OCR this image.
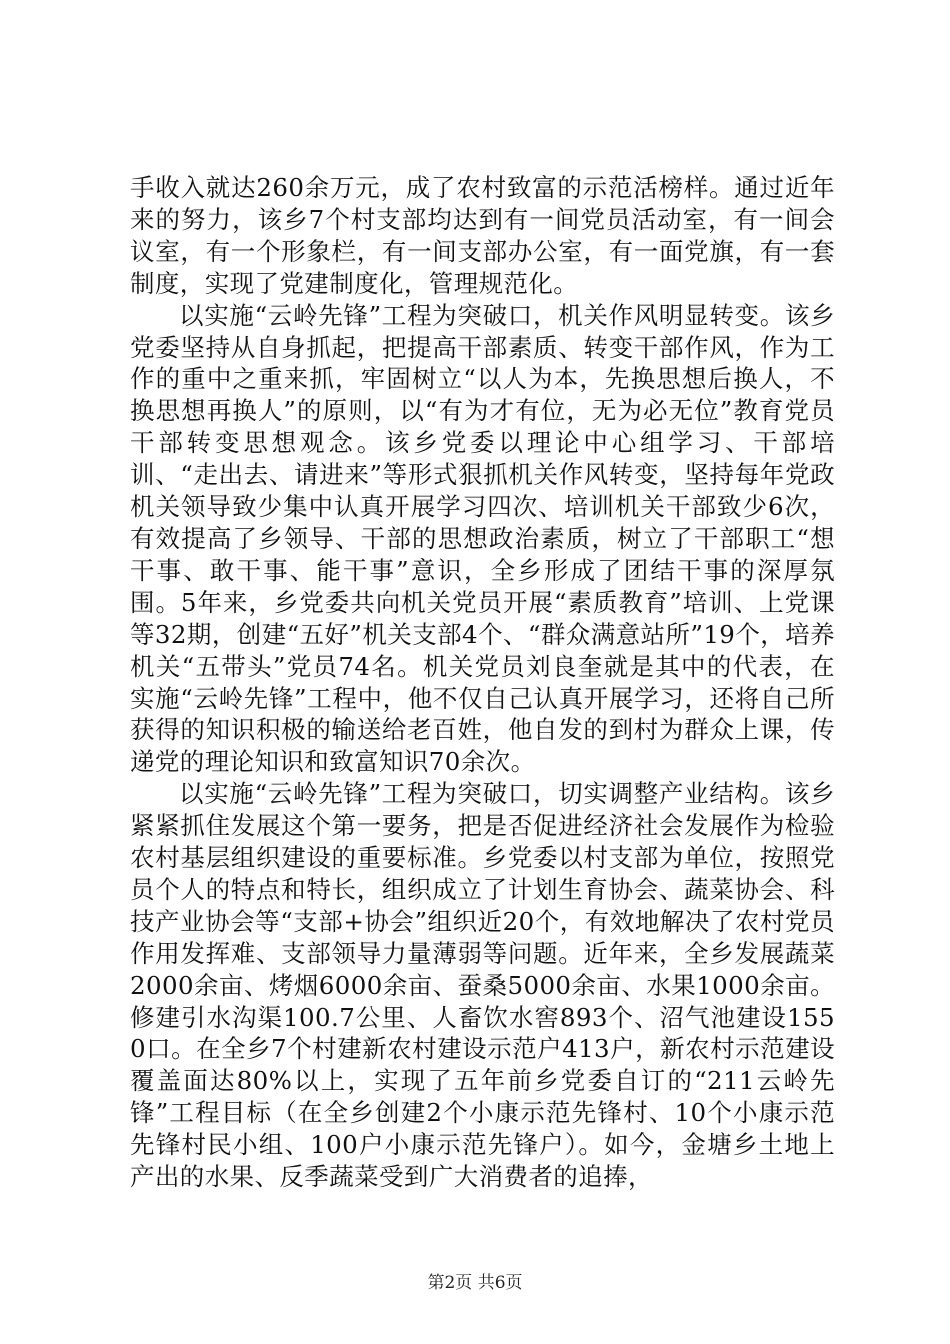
手收入就达260余万元，成了农村致富的示范活榜样。通过近年来的努力，该乡7个村支部均达到有一间党员活动室，有一间会议室，有一个形象栏，有一间支部办公室，有一面党旗，有一套制度，实现了党建制度化，管理规范化。

以实施“云岭先锋”工程为突破口，机关作风明显转变。该乡党委坚持从自身抓起，把提高干部素质、转变干部作风，作为工作的重中之重来抓，牢固树立“以人为本，先换思想后换人，不换思想再换人”的原则，以“有为才有位，无为必无位”教育党员干部转变思想观念。该乡党委以理论中心组学习、干部培训、“走出去、请进来”等形式狠抓机关作风转变，坚持每年党政机关领导致少集中认真开展学习四次、培训机关干部致少6次，有效提高了乡领导、干部的思想政治素质，树立了干部职工“想干事、敢干事、能干事”意识，全乡形成了团结干事的深厚氛围。5年来，乡党委共向机关党员开展“素质教育”培训、上党课等32期，创建“五好”机关支部4个、“群众满意站所”19个，培养机关“五带头”党员74名。机关党员刘良奎就是其中的代表，在实施“云岭先锋”工程中，他不仅自己认真开展学习，还将自己所获得的知识积极的输送给老百姓，他自发的到村为群众上课，传递党的理论知识和致富知识70余次。

以实施“云岭先锋”工程为突破口，切实调整产业结构。该乡紧紧抓住发展这个第一要务，把是否促进经济社会发展作为检验农村基层组织建设的重要标准。乡党委以村支部为单位，按照党员个人的特点和特长，组织成立了计划生育协会、蔬菜协会、科技产业协会等“支部+协会”组织近20个，有效地解决了农村党员作用发挥难、支部领导力量薄弱等问题。近年来，全乡发展蔬菜2000余亩、烤烟6000余亩、蚕桑5000余亩、水果1000余亩。修建引水沟渠100.7公里、人畜饮水窖893个、沼气池建设1550口。在全乡7个村建新农村建设示范户413户，新农村示范建设覆盖面达80%以上，实现了五年前乡党委自订的“211云岭先锋”工程目标（在全乡创建2个小康示范先锋村、10个小康示范先锋村民小组、100户小康示范先锋户）。如今，金塘乡土地上产出的水果、反季蔬菜受到广大消费者的追捧，

第2页 共6页
